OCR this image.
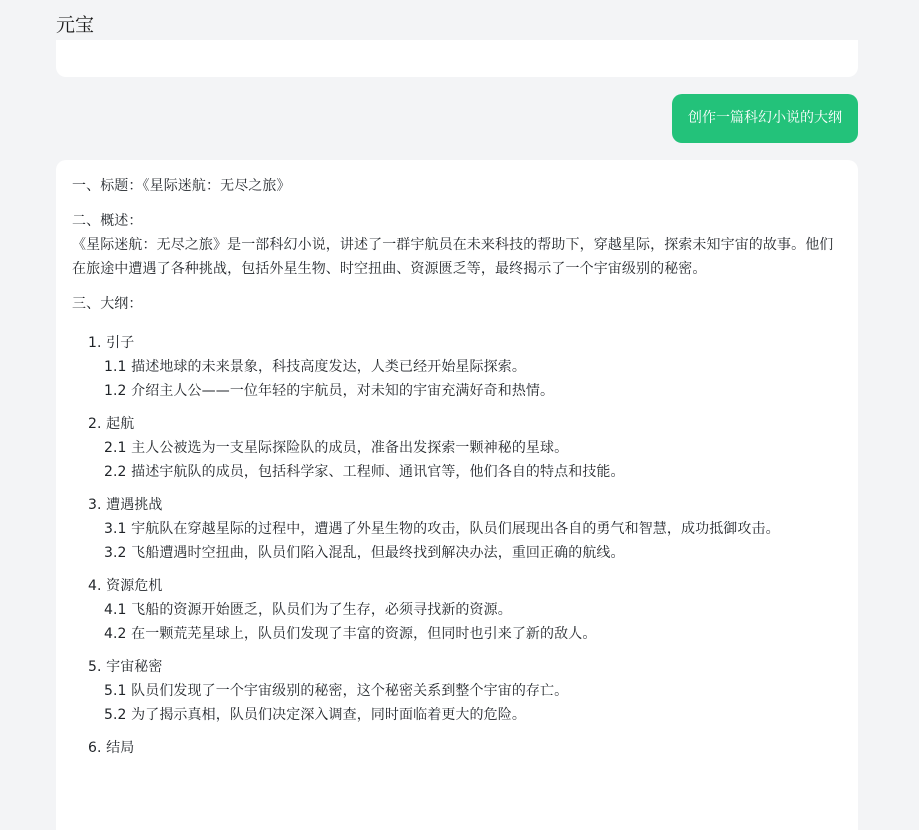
元宝
创作一篇科幻小说的大纲

一、标题：《星际迷航：无尽之旅》

二、概述：

《星际迷航：无尽之旅》是一部科幻小说，讲述了一群宇航员在未来科技的帮助下，穿越星际，探索未知宇宙的故事。他们在旅途中遭遇了各种挑战，包括外星生物、时空扭曲、资源匮乏等，最终揭示了一个宇宙级别的秘密。

三、大纲：

1. 引子

1.1 描述地球的未来景象，科技高度发达，人类已经开始星际探索。

1.2 介绍主人公——一位年轻的宇航员，对未知的宇宙充满好奇和热情。

2. 起航

2.1 主人公被选为一支星际探险队的成员，准备出发探索一颗神秘的星球。

2.2 描述宇航队的成员，包括科学家、工程师、通讯官等，他们各自的特点和技能。

3. 遭遇挑战

3.1 宇航队在穿越星际的过程中，遭遇了外星生物的攻击，队员们展现出各自的勇气和智慧，成功抵御攻击。

3.2 飞船遭遇时空扭曲，队员们陷入混乱，但最终找到解决办法，重回正确的航线。

4. 资源危机

4.1 飞船的资源开始匮乏，队员们为了生存，必须寻找新的资源。

4.2 在一颗荒芜星球上，队员们发现了丰富的资源，但同时也引来了新的敌人。

5. 宇宙秘密

5.1 队员们发现了一个宇宙级别的秘密，这个秘密关系到整个宇宙的存亡。

5.2 为了揭示真相，队员们决定深入调查，同时面临着更大的危险。

6. 结局
